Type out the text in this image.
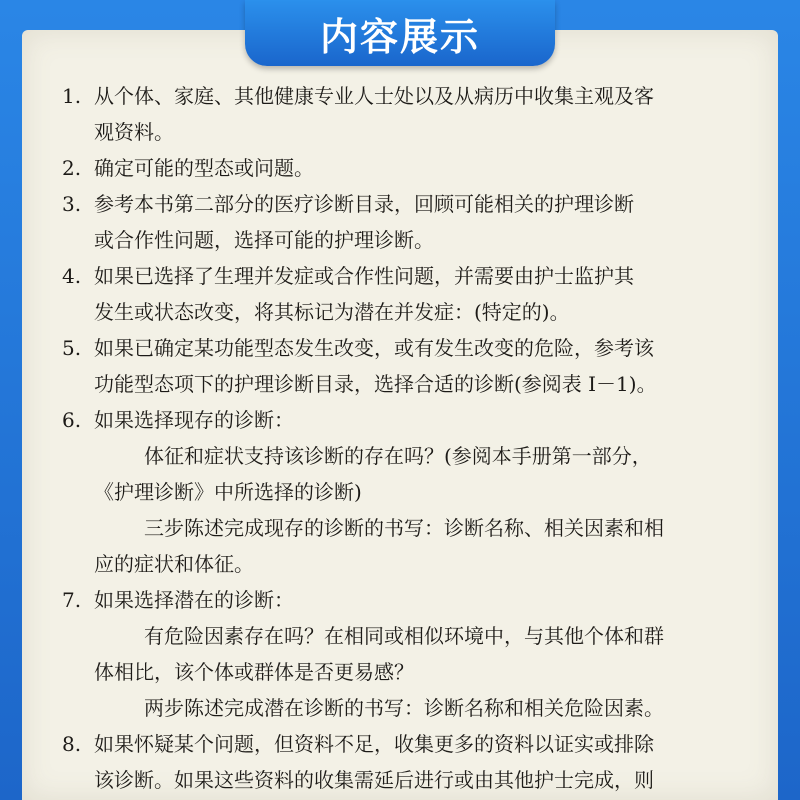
1. 从个体、家庭、其他健康专业人士处以及从病历中收集主观及客
观资料。
2. 确定可能的型态或问题。
3. 参考本书第二部分的医疗诊断目录，回顾可能相关的护理诊断
或合作性问题，选择可能的护理诊断。
4. 如果已选择了生理并发症或合作性问题，并需要由护士监护其
发生或状态改变，将其标记为潜在并发症：(特定的)。
5. 如果已确定某功能型态发生改变，或有发生改变的危险，参考该
功能型态项下的护理诊断目录，选择合适的诊断(参阅表 I－1)。
6. 如果选择现存的诊断：
体征和症状支持该诊断的存在吗？(参阅本手册第一部分，
《护理诊断》中所选择的诊断)
三步陈述完成现存的诊断的书写：诊断名称、相关因素和相
应的症状和体征。
7. 如果选择潜在的诊断：
有危险因素存在吗？在相同或相似环境中，与其他个体和群
体相比，该个体或群体是否更易感？
两步陈述完成潜在诊断的书写：诊断名称和相关危险因素。
8. 如果怀疑某个问题，但资料不足，收集更多的资料以证实或排除
该诊断。如果这些资料的收集需延后进行或由其他护士完成，则
内容展示
